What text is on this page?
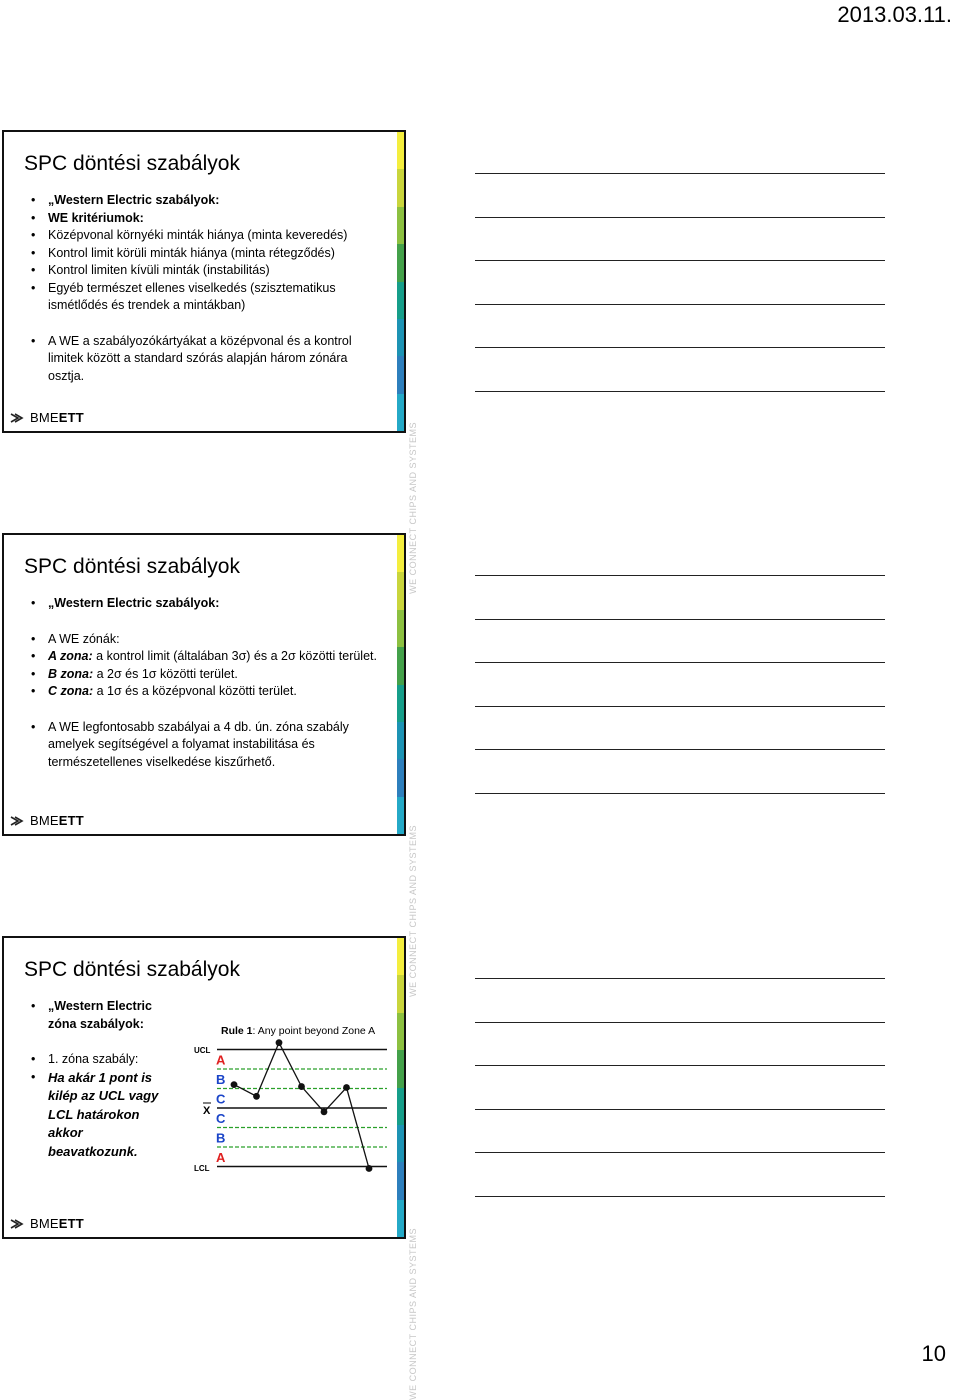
2013.03.11.
WE CONNECT CHIPS AND SYSTEMS
SPC döntési szabályok
• „Western Electric szabályok:
• WE kritériumok:
• Középvonal környéki minták hiánya (minta keveredés)
• Kontrol limit körüli minták hiánya (minta rétegződés)
• Kontrol limiten kívüli minták (instabilitás)
• Egyéb természet ellenes viselkedés (szisztematikus ismétlődés és trendek a mintákban)
• A WE a szabályozókártyákat a középvonal és a kontrol limitek között a standard szórás alapján három zónára osztja.
BMEETT
WE CONNECT CHIPS AND SYSTEMS
SPC döntési szabályok
• „Western Electric szabályok:
• A WE zónák:
• A zona: a kontrol limit (általában 3σ) és a 2σ közötti terület.
• B zona: a 2σ és 1σ közötti terület.
• C zona: a 1σ és a középvonal közötti terület.
• A WE legfontosabb szabályai a 4 db. ún. zóna szabály amelyek segítségével a folyamat instabilitása és természetellenes viselkedése kiszűrhető.
BMEETT
WE CONNECT CHIPS AND SYSTEMS
SPC döntési szabályok
• „Western Electric zóna szabályok:
• 1. zóna szabály:
• Ha akár 1 pont is kilép az UCL vagy LCL határokon akkor beavatkozunk.
Rule 1: Any point beyond Zone A
A
B
C
C
B
A
UCL
X
LCL
BMEETT
10
